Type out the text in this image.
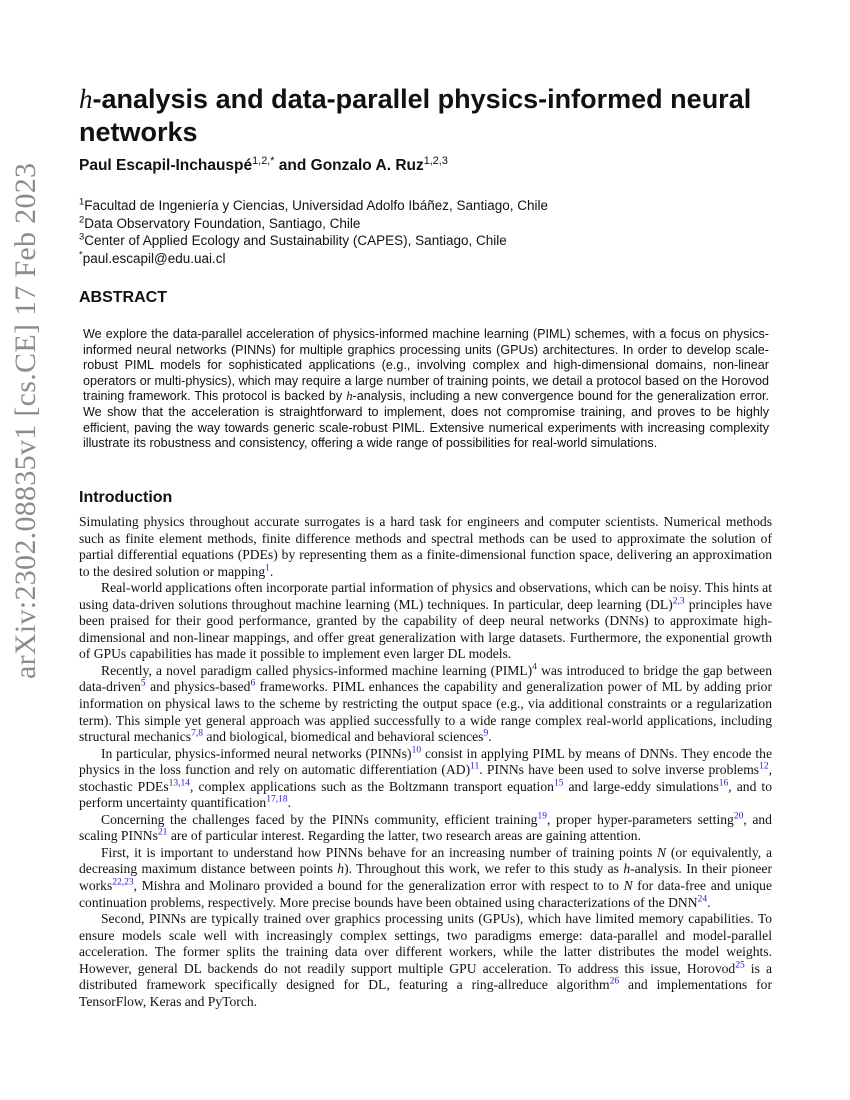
arXiv:2302.08835v1 [cs.CE] 17 Feb 2023
h-analysis and data-parallel physics-informed neural networks
Paul Escapil-Inchauspé$^{1,2,*}$ and Gonzalo A. Ruz$^{1,2,3}$
$^1$Facultad de Ingeniería y Ciencias, Universidad Adolfo Ibáñez, Santiago, Chile
$^2$Data Observatory Foundation, Santiago, Chile
$^3$Center of Applied Ecology and Sustainability (CAPES), Santiago, Chile
*paul.escapil@edu.uai.cl
ABSTRACT
We explore the data-parallel acceleration of physics-informed machine learning (PIML) schemes, with a focus on physics-informed neural networks (PINNs) for multiple graphics processing units (GPUs) architectures. In order to develop scale-robust PIML models for sophisticated applications (e.g., involving complex and high-dimensional domains, non-linear operators or multi-physics), which may require a large number of training points, we detail a protocol based on the Horovod training framework. This protocol is backed by h-analysis, including a new convergence bound for the generalization error. We show that the acceleration is straightforward to implement, does not compromise training, and proves to be highly efficient, paving the way towards generic scale-robust PIML. Extensive numerical experiments with increasing complexity illustrate its robustness and consistency, offering a wide range of possibilities for real-world simulations.
Introduction

Simulating physics throughout accurate surrogates is a hard task for engineers and computer scientists. Numerical methods such as finite element methods, finite difference methods and spectral methods can be used to approximate the solution of partial differential equations (PDEs) by representing them as a finite-dimensional function space, delivering an approximation to the desired solution or mapping$^1$.

Real-world applications often incorporate partial information of physics and observations, which can be noisy. This hints at using data-driven solutions throughout machine learning (ML) techniques. In particular, deep learning (DL)$^{2,3}$ principles have been praised for their good performance, granted by the capability of deep neural networks (DNNs) to approximate high-dimensional and non-linear mappings, and offer great generalization with large datasets. Furthermore, the exponential growth of GPUs capabilities has made it possible to implement even larger DL models.

Recently, a novel paradigm called physics-informed machine learning (PIML)$^4$ was introduced to bridge the gap between data-driven$^5$ and physics-based$^6$ frameworks. PIML enhances the capability and generalization power of ML by adding prior information on physical laws to the scheme by restricting the output space (e.g., via additional constraints or a regularization term). This simple yet general approach was applied successfully to a wide range complex real-world applications, including structural mechanics$^{7,8}$ and biological, biomedical and behavioral sciences$^9$.

In particular, physics-informed neural networks (PINNs)$^{10}$ consist in applying PIML by means of DNNs. They encode the physics in the loss function and rely on automatic differentiation (AD)$^{11}$. PINNs have been used to solve inverse problems$^{12}$, stochastic PDEs$^{13,14}$, complex applications such as the Boltzmann transport equation$^{15}$ and large-eddy simulations$^{16}$, and to perform uncertainty quantification$^{17,18}$.

Concerning the challenges faced by the PINNs community, efficient training$^{19}$, proper hyper-parameters setting$^{20}$, and scaling PINNs$^{21}$ are of particular interest. Regarding the latter, two research areas are gaining attention.

First, it is important to understand how PINNs behave for an increasing number of training points N (or equivalently, a decreasing maximum distance between points h). Throughout this work, we refer to this study as h-analysis. In their pioneer works$^{22,23}$, Mishra and Molinaro provided a bound for the generalization error with respect to to N for data-free and unique continuation problems, respectively. More precise bounds have been obtained using characterizations of the DNN$^{24}$.

Second, PINNs are typically trained over graphics processing units (GPUs), which have limited memory capabilities. To ensure models scale well with increasingly complex settings, two paradigms emerge: data-parallel and model-parallel acceleration. The former splits the training data over different workers, while the latter distributes the model weights. However, general DL backends do not readily support multiple GPU acceleration. To address this issue, Horovod$^{25}$ is a distributed framework specifically designed for DL, featuring a ring-allreduce algorithm$^{26}$ and implementations for TensorFlow, Keras and PyTorch.
